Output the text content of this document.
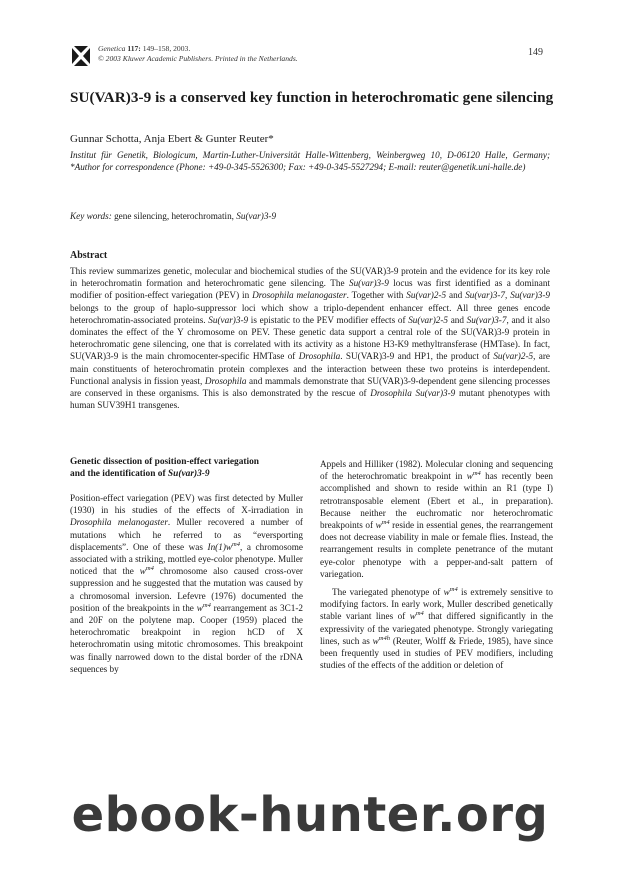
Genetica 117: 149–158, 2003.
© 2003 Kluwer Academic Publishers. Printed in the Netherlands.
149
SU(VAR)3-9 is a conserved key function in heterochromatic gene silencing
Gunnar Schotta, Anja Ebert & Gunter Reuter*
Institut für Genetik, Biologicum, Martin-Luther-Universität Halle-Wittenberg, Weinbergweg 10, D-06120 Halle, Germany; *Author for correspondence (Phone: +49-0-345-5526300; Fax: +49-0-345-5527294; E-mail: reuter@genetik.uni-halle.de)
Key words: gene silencing, heterochromatin, Su(var)3-9
Abstract
This review summarizes genetic, molecular and biochemical studies of the SU(VAR)3-9 protein and the evidence for its key role in heterochromatin formation and heterochromatic gene silencing. The Su(var)3-9 locus was first identified as a dominant modifier of position-effect variegation (PEV) in Drosophila melanogaster. Together with Su(var)2-5 and Su(var)3-7, Su(var)3-9 belongs to the group of haplo-suppressor loci which show a triplo-dependent enhancer effect. All three genes encode heterochromatin-associated proteins. Su(var)3-9 is epistatic to the PEV modifier effects of Su(var)2-5 and Su(var)3-7, and it also dominates the effect of the Y chromosome on PEV. These genetic data support a central role of the SU(VAR)3-9 protein in heterochromatic gene silencing, one that is correlated with its activity as a histone H3-K9 methyltransferase (HMTase). In fact, SU(VAR)3-9 is the main chromocenter-specific HMTase of Drosophila. SU(VAR)3-9 and HP1, the product of Su(var)2-5, are main constituents of heterochromatin protein complexes and the interaction between these two proteins is interdependent. Functional analysis in fission yeast, Drosophila and mammals demonstrate that SU(VAR)3-9-dependent gene silencing processes are conserved in these organisms. This is also demonstrated by the rescue of Drosophila Su(var)3-9 mutant phenotypes with human SUV39H1 transgenes.
Genetic dissection of position-effect variegation
and the identification of Su(var)3-9

Position-effect variegation (PEV) was first detected by Muller (1930) in his studies of the effects of X-irradiation in Drosophila melanogaster. Muller recovered a number of mutations which he referred to as “eversporting displacements”. One of these was $In(1)w^{m4}$, a chromosome associated with a striking, mottled eye-color phenotype. Muller noticed that the $w^{m4}$ chromosome also caused cross-over suppression and he suggested that the mutation was caused by a chromosomal inversion. Lefevre (1976) documented the position of the breakpoints in the $w^{m4}$ rearrangement as 3C1-2 and 20F on the polytene map. Cooper (1959) placed the heterochromatic breakpoint in region hCD of X heterochromatin using mitotic chromosomes. This breakpoint was finally narrowed down to the distal border of the rDNA sequences by

Appels and Hilliker (1982). Molecular cloning and sequencing of the heterochromatic breakpoint in $w^{m4}$ has recently been accomplished and shown to reside within an R1 (type I) retrotransposable element (Ebert et al., in preparation). Because neither the euchromatic nor heterochromatic breakpoints of $w^{m4}$ reside in essential genes, the rearrangement does not decrease viability in male or female flies. Instead, the rearrangement results in complete penetrance of the mutant eye-color phenotype with a pepper-and-salt pattern of variegation.

The variegated phenotype of $w^{m4}$ is extremely sensitive to modifying factors. In early work, Muller described genetically stable variant lines of $w^{m4}$ that differed significantly in the expressivity of the variegated phenotype. Strongly variegating lines, such as $w^{m4h}$ (Reuter, Wolff & Friede, 1985), have since been frequently used in studies of PEV modifiers, including studies of the effects of the addition or deletion of

ebook-hunter.org
